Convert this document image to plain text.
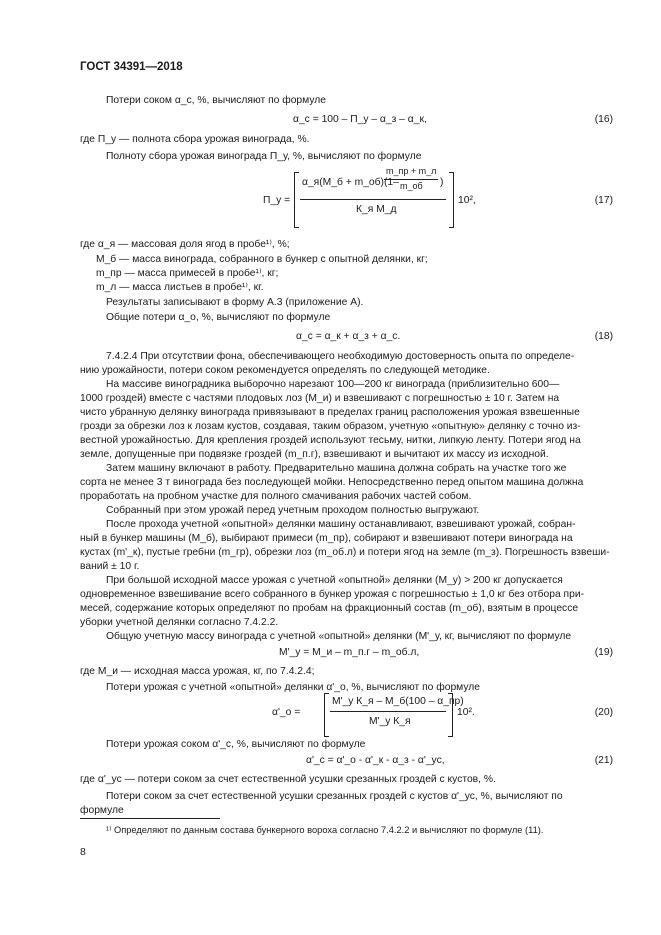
ГОСТ 34391—2018
Потери соком α_с, %, вычисляют по формуле
α_с = 100 – П_у – α_з – α_к,	(16)
где П_у — полнота сбора урожая винограда, %.
Полноту сбора урожая винограда П_у, %, вычисляют по формуле
П_у =
α_я(М_б + m_об)(1–
m_пр + m_л
m_об )
К_я М_д
10²,	(17)
где α_я — массовая доля ягод в пробе¹⁾, %;
М_б — масса винограда, собранного в бункер с опытной делянки, кг;
m_пр — масса примесей в пробе¹⁾, кг;
m_л — масса листьев в пробе¹⁾, кг.
Результаты записывают в форму А.3 (приложение А).
Общие потери α_о, %, вычисляют по формуле
α_с = α_к + α_з + α_с.	(18)
7.4.2.4 При отсутствии фона, обеспечивающего необходимую достоверность опыта по определе-
нию урожайности, потери соком рекомендуется определять по следующей методике.
На массиве виноградника выборочно нарезают 100—200 кг винограда (приблизительно 600—
1000 гроздей) вместе с частями плодовых лоз (М_и) и взвешивают с погрешностью ± 10 г. Затем на
чисто убранную делянку винограда привязывают в пределах границ расположения урожая взвешенные
грозди за обрезки лоз к лозам кустов, создавая, таким образом, учетную «опытную» делянку с точно из-
вестной урожайностью. Для крепления гроздей используют тесьму, нитки, липкую ленту. Потери ягод на
земле, допущенные при подвязке гроздей (m_п.г), взвешивают и вычитают их массу из исходной.
Затем машину включают в работу. Предварительно машина должна собрать на участке того же
сорта не менее 3 т винограда без последующей мойки. Непосредственно перед опытом машина должна
проработать на пробном участке для полного смачивания рабочих частей собом.
Собранный при этом урожай перед учетным проходом полностью выгружают.
После прохода учетной «опытной» делянки машину останавливают, взвешивают урожай, собран-
ный в бункер машины (М_б), выбирают примеси (m_пр), собирают и взвешивают потери винограда на
кустах (m'_к), пустые гребни (m_гр), обрезки лоз (m_об.л) и потери ягод на земле (m_з). Погрешность взвеши-
ваний ± 10 г.
При большой исходной массе урожая с учетной «опытной» делянки (М_у) > 200 кг допускается
одновременное взвешивание всего собранного в бункер урожая с погрешностью ± 1,0 кг без отбора при-
месей, содержание которых определяют по пробам на фракционный состав (m_об), взятым в процессе
уборки учетной делянки согласно 7.4.2.2.
Общую учетную массу винограда с учетной «опытной» делянки (М'_у, кг, вычисляют по формуле
М'_у = М_и – m_п.г – m_об.л,	(19)
где М_и — исходная масса урожая, кг, по 7.4.2.4;
Потери урожая с учетной «опытной» делянки α'_о, %, вычисляют по формуле
α'_о =
М'_у К_я – М_б(100 – α_пр)
М'_у К_я
10².	(20)
Потери урожая соком α'_с, %, вычисляют по формуле
α'_с = α'_о - α'_к - α_з - α'_ус,	(21)
где α'_ус — потери соком за счет естественной усушки срезанных гроздей с кустов, %.
Потери соком за счет естественной усушки срезанных гроздей с кустов α'_ус, %, вычисляют по
формуле
¹⁾ Определяют по данным состава бункерного вороха согласно 7.4.2.2 и вычисляют по формуле (11).
8
